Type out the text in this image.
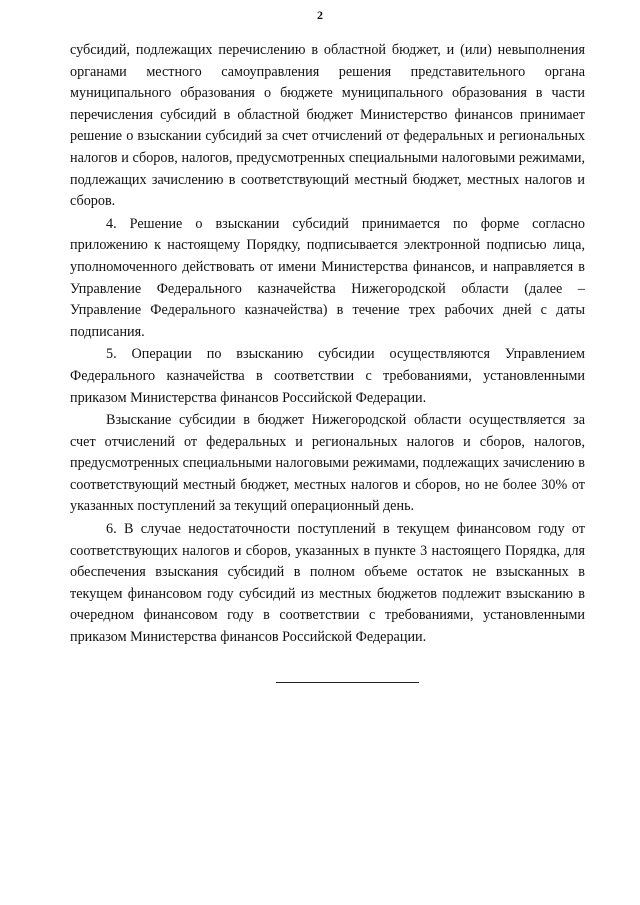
2

субсидий, подлежащих перечислению в областной бюджет, и (или) невыполнения органами местного самоуправления решения представительного органа муниципального образования о бюджете муниципального образования в части перечисления субсидий в областной бюджет Министерство финансов принимает решение о взыскании субсидий за счет отчислений от федеральных и региональных налогов и сборов, налогов, предусмотренных специальными налоговыми режимами, подлежащих зачислению в соответствующий местный бюджет, местных налогов и сборов.

4. Решение о взыскании субсидий принимается по форме согласно приложению к настоящему Порядку, подписывается электронной подписью лица, уполномоченного действовать от имени Министерства финансов, и направляется в Управление Федерального казначейства Нижегородской области (далее – Управление Федерального казначейства) в течение трех рабочих дней с даты подписания.

5. Операции по взысканию субсидии осуществляются Управлением Федерального казначейства в соответствии с требованиями, установленными приказом Министерства финансов Российской Федерации.

Взыскание субсидии в бюджет Нижегородской области осуществляется за счет отчислений от федеральных и региональных налогов и сборов, налогов, предусмотренных специальными налоговыми режимами, подлежащих зачислению в соответствующий местный бюджет, местных налогов и сборов, но не более 30% от указанных поступлений за текущий операционный день.

6. В случае недостаточности поступлений в текущем финансовом году от соответствующих налогов и сборов, указанных в пункте 3 настоящего Порядка, для обеспечения взыскания субсидий в полном объеме остаток не взысканных в текущем финансовом году субсидий из местных бюджетов подлежит взысканию в очередном финансовом году в соответствии с требованиями, установленными приказом Министерства финансов Российской Федерации.
